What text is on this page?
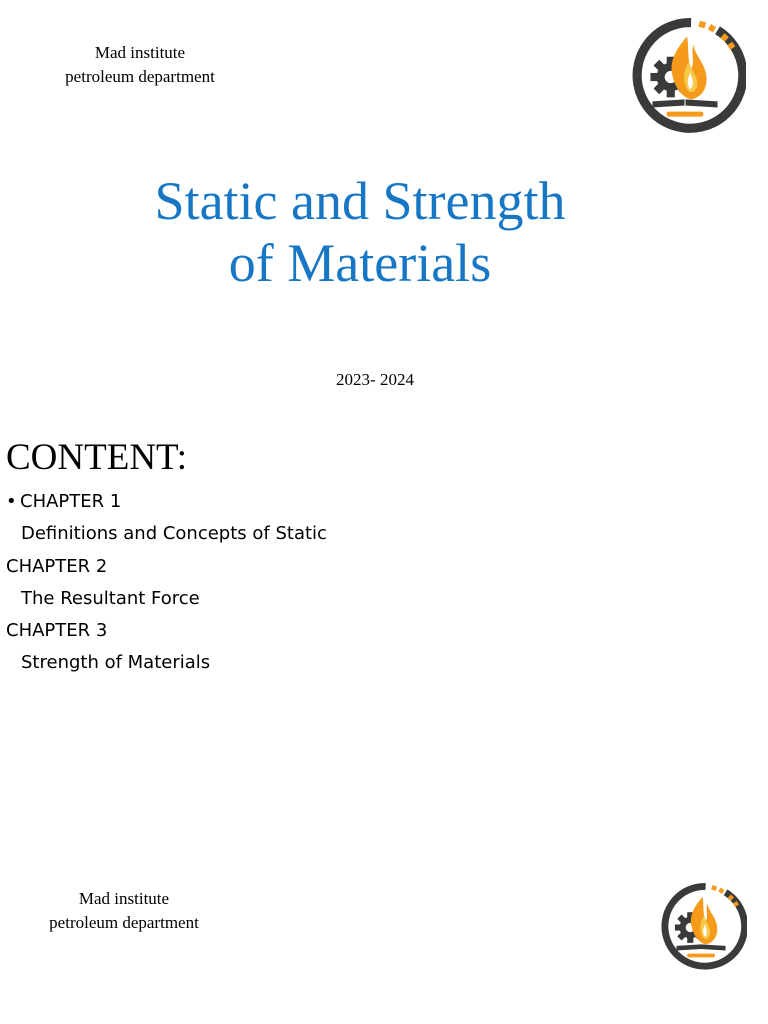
Mad institute
petroleum department
Static and Strength
of Materials
2023- 2024
CONTENT:
• CHAPTER 1
Definitions and Concepts of Static
CHAPTER 2
The Resultant Force
CHAPTER 3
Strength of Materials
Mad institute
petroleum department
